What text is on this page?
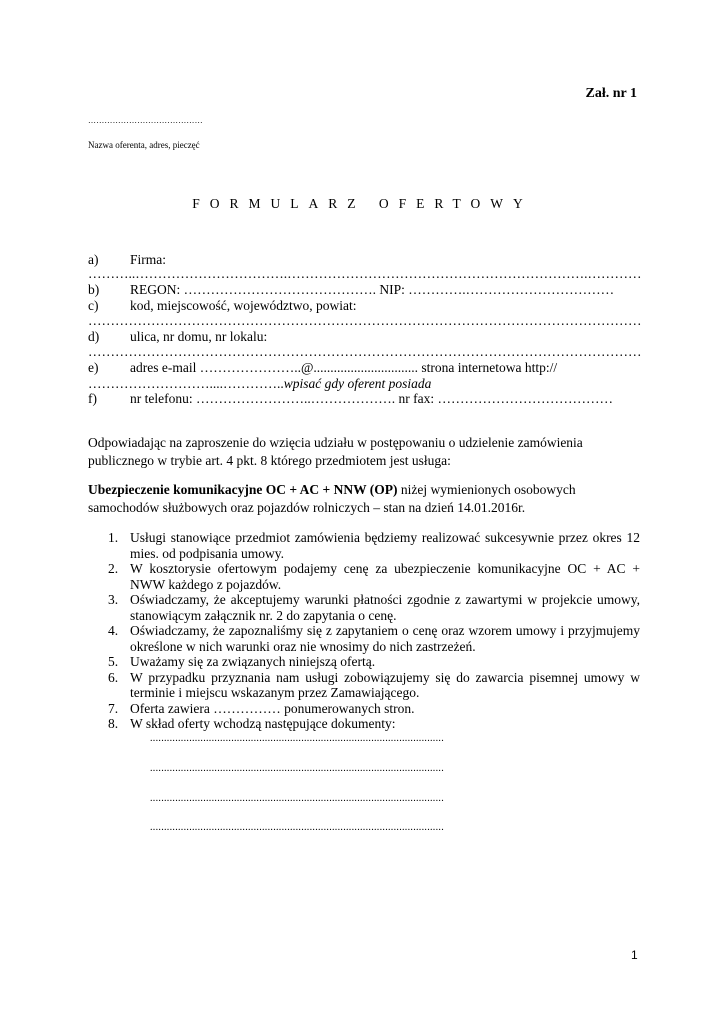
Zał. nr 1
……………………………………
Nazwa oferenta, adres, pieczęć
FORMULARZ OFERTOWY
a) Firma:
………..…………………………….………………………………………………………….…………
b) REGON: ……………………………………. NIP: ………….……………………………
c) kod, miejscowość, województwo, powiat:
……………………………………………………………………………………………………………
d) ulica, nr domu, nr lokalu:
……………………………………………………………………………………………………………
e) adres e-mail …………………..@............................... strona internetowa http://
………………………....…………..wpisać gdy oferent posiada
f) nr telefonu: ……………………..………………. nr fax: …………………………………
Odpowiadając na zaproszenie do wzięcia udziału w postępowaniu o udzielenie zamówienia
publicznego w trybie art. 4 pkt. 8 którego przedmiotem jest usługa:
Ubezpieczenie komunikacyjne OC + AC + NNW (OP) niżej wymienionych osobowych
samochodów służbowych oraz pojazdów rolniczych – stan na dzień 14.01.2016r.
1. Usługi stanowiące przedmiot zamówienia będziemy realizować sukcesywnie przez okres 12 mies. od podpisania umowy.
2. W kosztorysie ofertowym podajemy cenę za ubezpieczenie komunikacyjne OC + AC + NWW każdego z pojazdów.
3. Oświadczamy, że akceptujemy warunki płatności zgodnie z zawartymi w projekcie umowy, stanowiącym załącznik nr. 2 do zapytania o cenę.
4. Oświadczamy, że zapoznaliśmy się z zapytaniem o cenę oraz wzorem umowy i przyjmujemy określone w nich warunki oraz nie wnosimy do nich zastrzeżeń.
5. Uważamy się za związanych niniejszą ofertą.
6. W przypadku przyznania nam usługi zobowiązujemy się do zawarcia pisemnej umowy w terminie i miejscu wskazanym przez Zamawiającego.
7. Oferta zawiera …………… ponumerowanych stron.
8. W skład oferty wchodzą następujące dokumenty:
.........................................................................................................
.........................................................................................................
.........................................................................................................
.........................................................................................................
1
